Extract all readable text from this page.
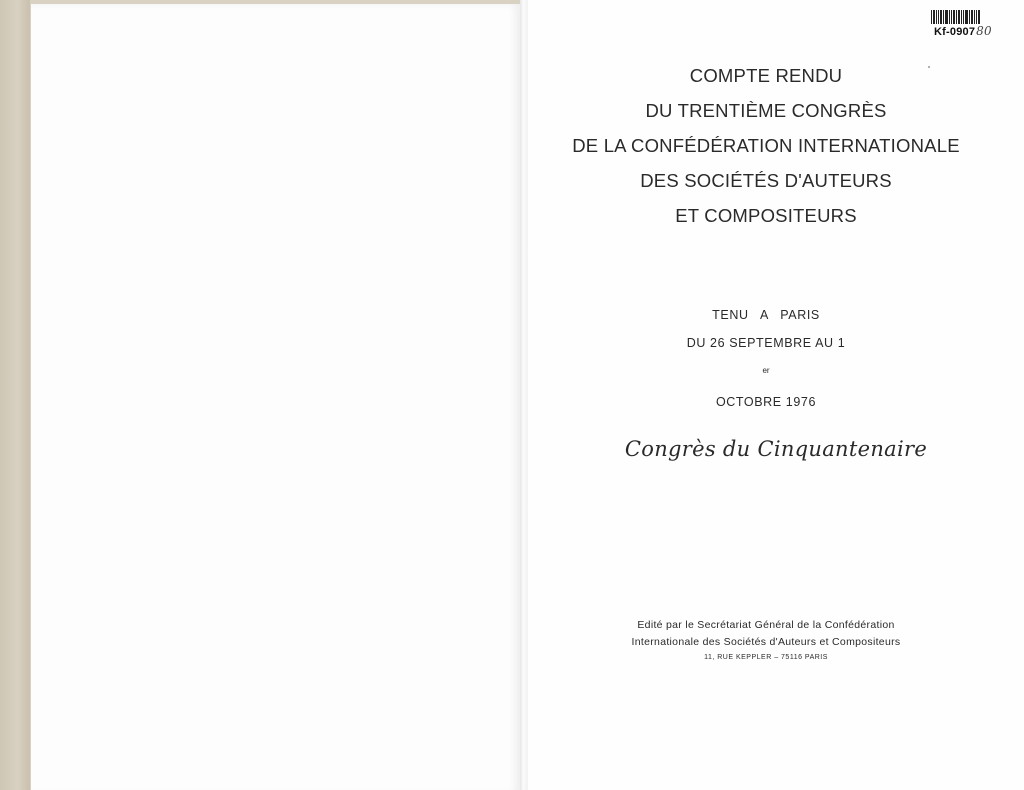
Kf-090780
COMPTE RENDU
DU TRENTIÈME CONGRÈS
DE LA CONFÉDÉRATION INTERNATIONALE
DES SOCIÉTÉS D'AUTEURS
ET COMPOSITEURS
TENU A PARIS
DU 26 SEPTEMBRE AU 1
$^{er}$
OCTOBRE 1976
Congrès du Cinquantenaire
Edité par le Secrétariat Général de la Confédération
Internationale des Sociétés d'Auteurs et Compositeurs
11, RUE KEPPLER – 75116 PARIS
